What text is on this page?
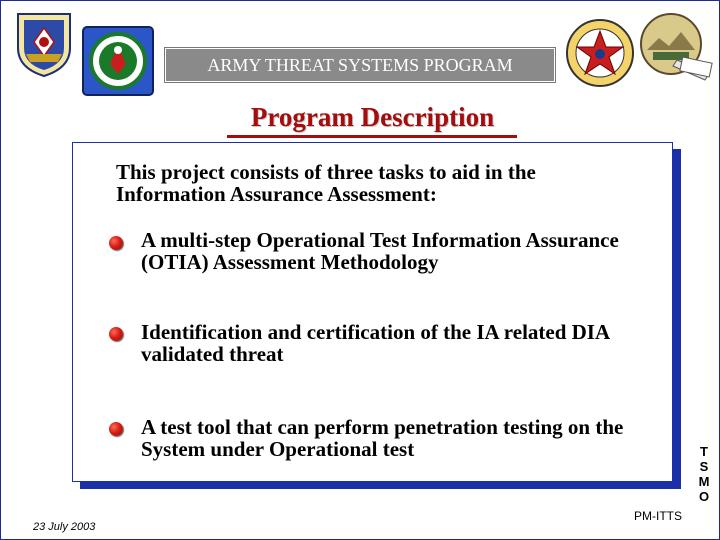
ARMY THREAT SYSTEMS PROGRAM
Program Description
This project consists of three tasks to aid in the Information Assurance Assessment:
A multi-step Operational Test Information Assurance (OTIA) Assessment Methodology
Identification and certification of the IA related DIA validated threat
A test tool that can perform penetration testing on the System under Operational test
23 July 2003
PM-ITTS
T
S
M
O
